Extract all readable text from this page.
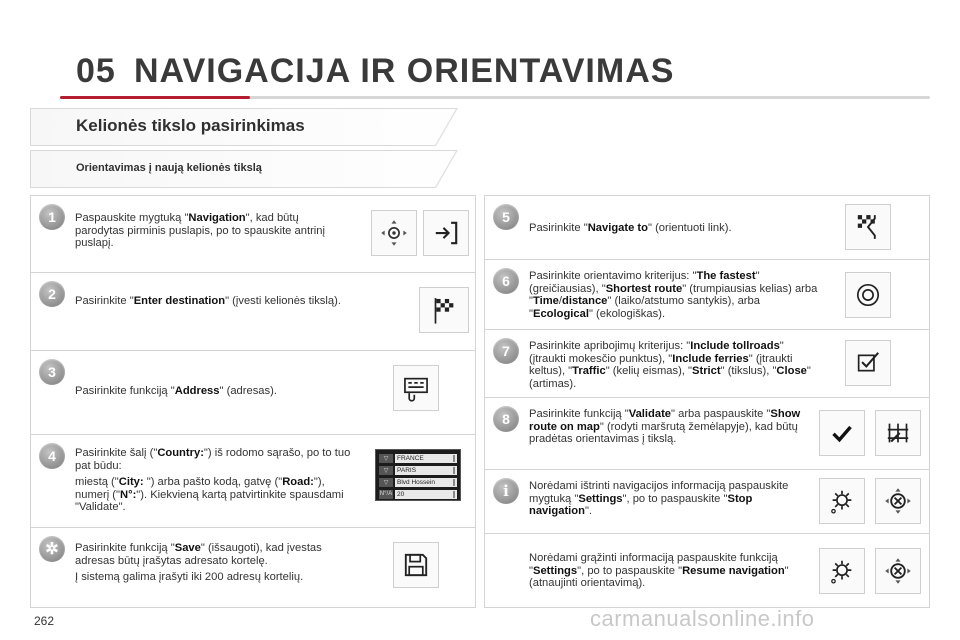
05 NAVIGACIJA IR ORIENTAVIMAS
Kelionės tikslo pasirinkimas
Orientavimas į naują kelionės tikslą
1	Paspauskite mygtuką "Navigation", kad būtų parodytas pirminis puslapis, po to spauskite antrinį puslapį.

2	Pasirinkite "Enter destination" (įvesti kelionės tikslą).

3

Pasirinkite funkciją "Address" (adresas).

4	Pasirinkite šalį ("Country:") iš rodomo sąrašo, po to tuo pat būdu:

miestą ("City: ") arba pašto kodą, gatvę ("Road:"), numerį ("N°:"). Kiekvieną kartą patvirtinkite spausdami "Validate".

▽	FRANCE
▽	PARIS
▽	Blvd Hossein
N°/A 20
✲	Pasirinkite funkciją "Save" (išsaugoti), kad įvestas adresas būtų įrašytas adresato kortelę.

Į sistemą galima įrašyti iki 200 adresų kortelių.

5

Pasirinkite "Navigate to" (orientuoti link).

6	Pasirinkite orientavimo kriterijus: "The fastest" (greičiausias), "Shortest route" (trumpiausias kelias) arba "Time/distance" (laiko/atstumo santykis), arba "Ecological" (ekologiškas).

7	Pasirinkite apribojimų kriterijus: "Include tollroads" (įtraukti mokesčio punktus), "Include ferries" (įtraukti keltus), "Traffic" (kelių eismas), "Strict" (tikslus), "Close" (artimas).

8	Pasirinkite funkciją "Validate" arba paspauskite "Show route on map" (rodyti maršrutą žemėlapyje), kad būtų pradėtas orientavimas į tikslą.

i	Norėdami ištrinti navigacijos informaciją paspauskite mygtuką "Settings", po to paspauskite "Stop navigation".

Norėdami grąžinti informaciją paspauskite funkciją "Settings", po to paspauskite "Resume navigation" (atnaujinti orientavimą).

262	carmanualsonline.info
